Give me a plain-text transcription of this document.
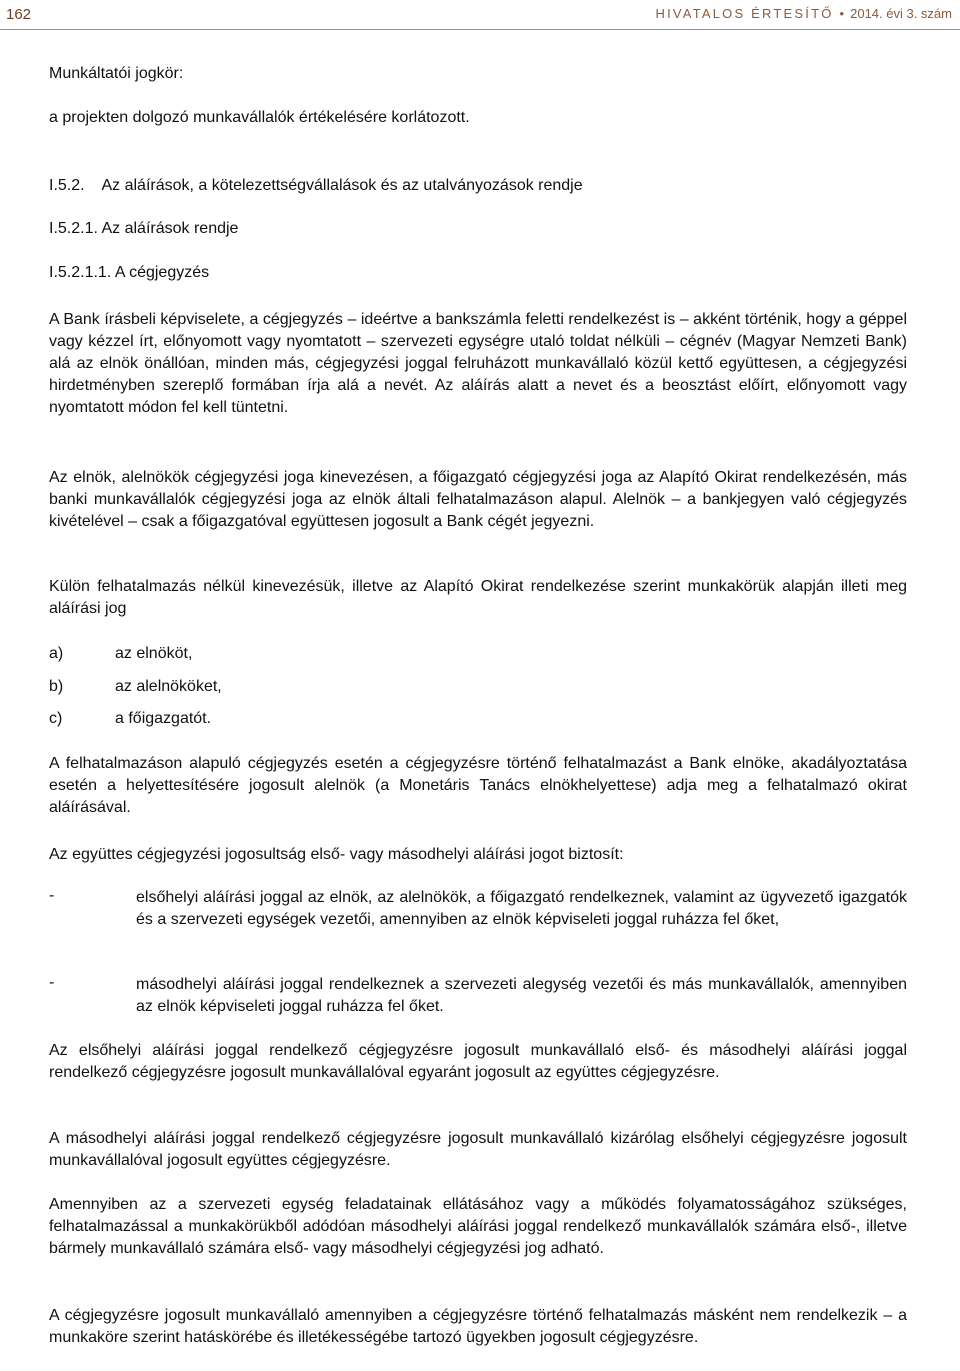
162	HIVATALOS ÉRTESÍTŐ • 2014. évi 3. szám
Munkáltatói jogkör:
a projekten dolgozó munkavállalók értékelésére korlátozott.
I.5.2.    Az aláírások, a kötelezettségvállalások és az utalványozások rendje
I.5.2.1. Az aláírások rendje
I.5.2.1.1. A cégjegyzés
A Bank írásbeli képviselete, a cégjegyzés – ideértve a bankszámla feletti rendelkezést is – akként történik, hogy a géppel vagy kézzel írt, előnyomott vagy nyomtatott – szervezeti egységre utaló toldat nélküli – cégnév (Magyar Nemzeti Bank) alá az elnök önállóan, minden más, cégjegyzési joggal felruházott munkavállaló közül kettő együttesen, a cégjegyzési hirdetményben szereplő formában írja alá a nevét. Az aláírás alatt a nevet és a beosztást előírt, előnyomott vagy nyomtatott módon fel kell tüntetni.
Az elnök, alelnökök cégjegyzési joga kinevezésen, a főigazgató cégjegyzési joga az Alapító Okirat rendelkezésén, más banki munkavállalók cégjegyzési joga az elnök általi felhatalmazáson alapul. Alelnök – a bankjegyen való cégjegyzés kivételével – csak a főigazgatóval együttesen jogosult a Bank cégét jegyezni.
Külön felhatalmazás nélkül kinevezésük, illetve az Alapító Okirat rendelkezése szerint munkakörük alapján illeti meg aláírási jog
a)	az elnököt,
b)	az alelnököket,
c)	a főigazgatót.
A felhatalmazáson alapuló cégjegyzés esetén a cégjegyzésre történő felhatalmazást a Bank elnöke, akadályoztatása esetén a helyettesítésére jogosult alelnök (a Monetáris Tanács elnökhelyettese) adja meg a felhatalmazó okirat aláírásával.
Az együttes cégjegyzési jogosultság első- vagy másodhelyi aláírási jogot biztosít:
-	elsőhelyi aláírási joggal az elnök, az alelnökök, a főigazgató rendelkeznek, valamint az ügyvezető igazgatók és a szervezeti egységek vezetői, amennyiben az elnök képviseleti joggal ruházza fel őket,
-	másodhelyi aláírási joggal rendelkeznek a szervezeti alegység vezetői és más munkavállalók, amennyiben az elnök képviseleti joggal ruházza fel őket.
Az elsőhelyi aláírási joggal rendelkező cégjegyzésre jogosult munkavállaló első- és másodhelyi aláírási joggal rendelkező cégjegyzésre jogosult munkavállalóval egyaránt jogosult az együttes cégjegyzésre.
A másodhelyi aláírási joggal rendelkező cégjegyzésre jogosult munkavállaló kizárólag elsőhelyi cégjegyzésre jogosult munkavállalóval jogosult együttes cégjegyzésre.
Amennyiben az a szervezeti egység feladatainak ellátásához vagy a működés folyamatosságához szükséges, felhatalmazással a munkakörükből adódóan másodhelyi aláírási joggal rendelkező munkavállalók számára első-, illetve bármely munkavállaló számára első- vagy másodhelyi cégjegyzési jog adható.
A cégjegyzésre jogosult munkavállaló amennyiben a cégjegyzésre történő felhatalmazás másként nem rendelkezik – a munkaköre szerint hatáskörébe és illetékességébe tartozó ügyekben jogosult cégjegyzésre.
